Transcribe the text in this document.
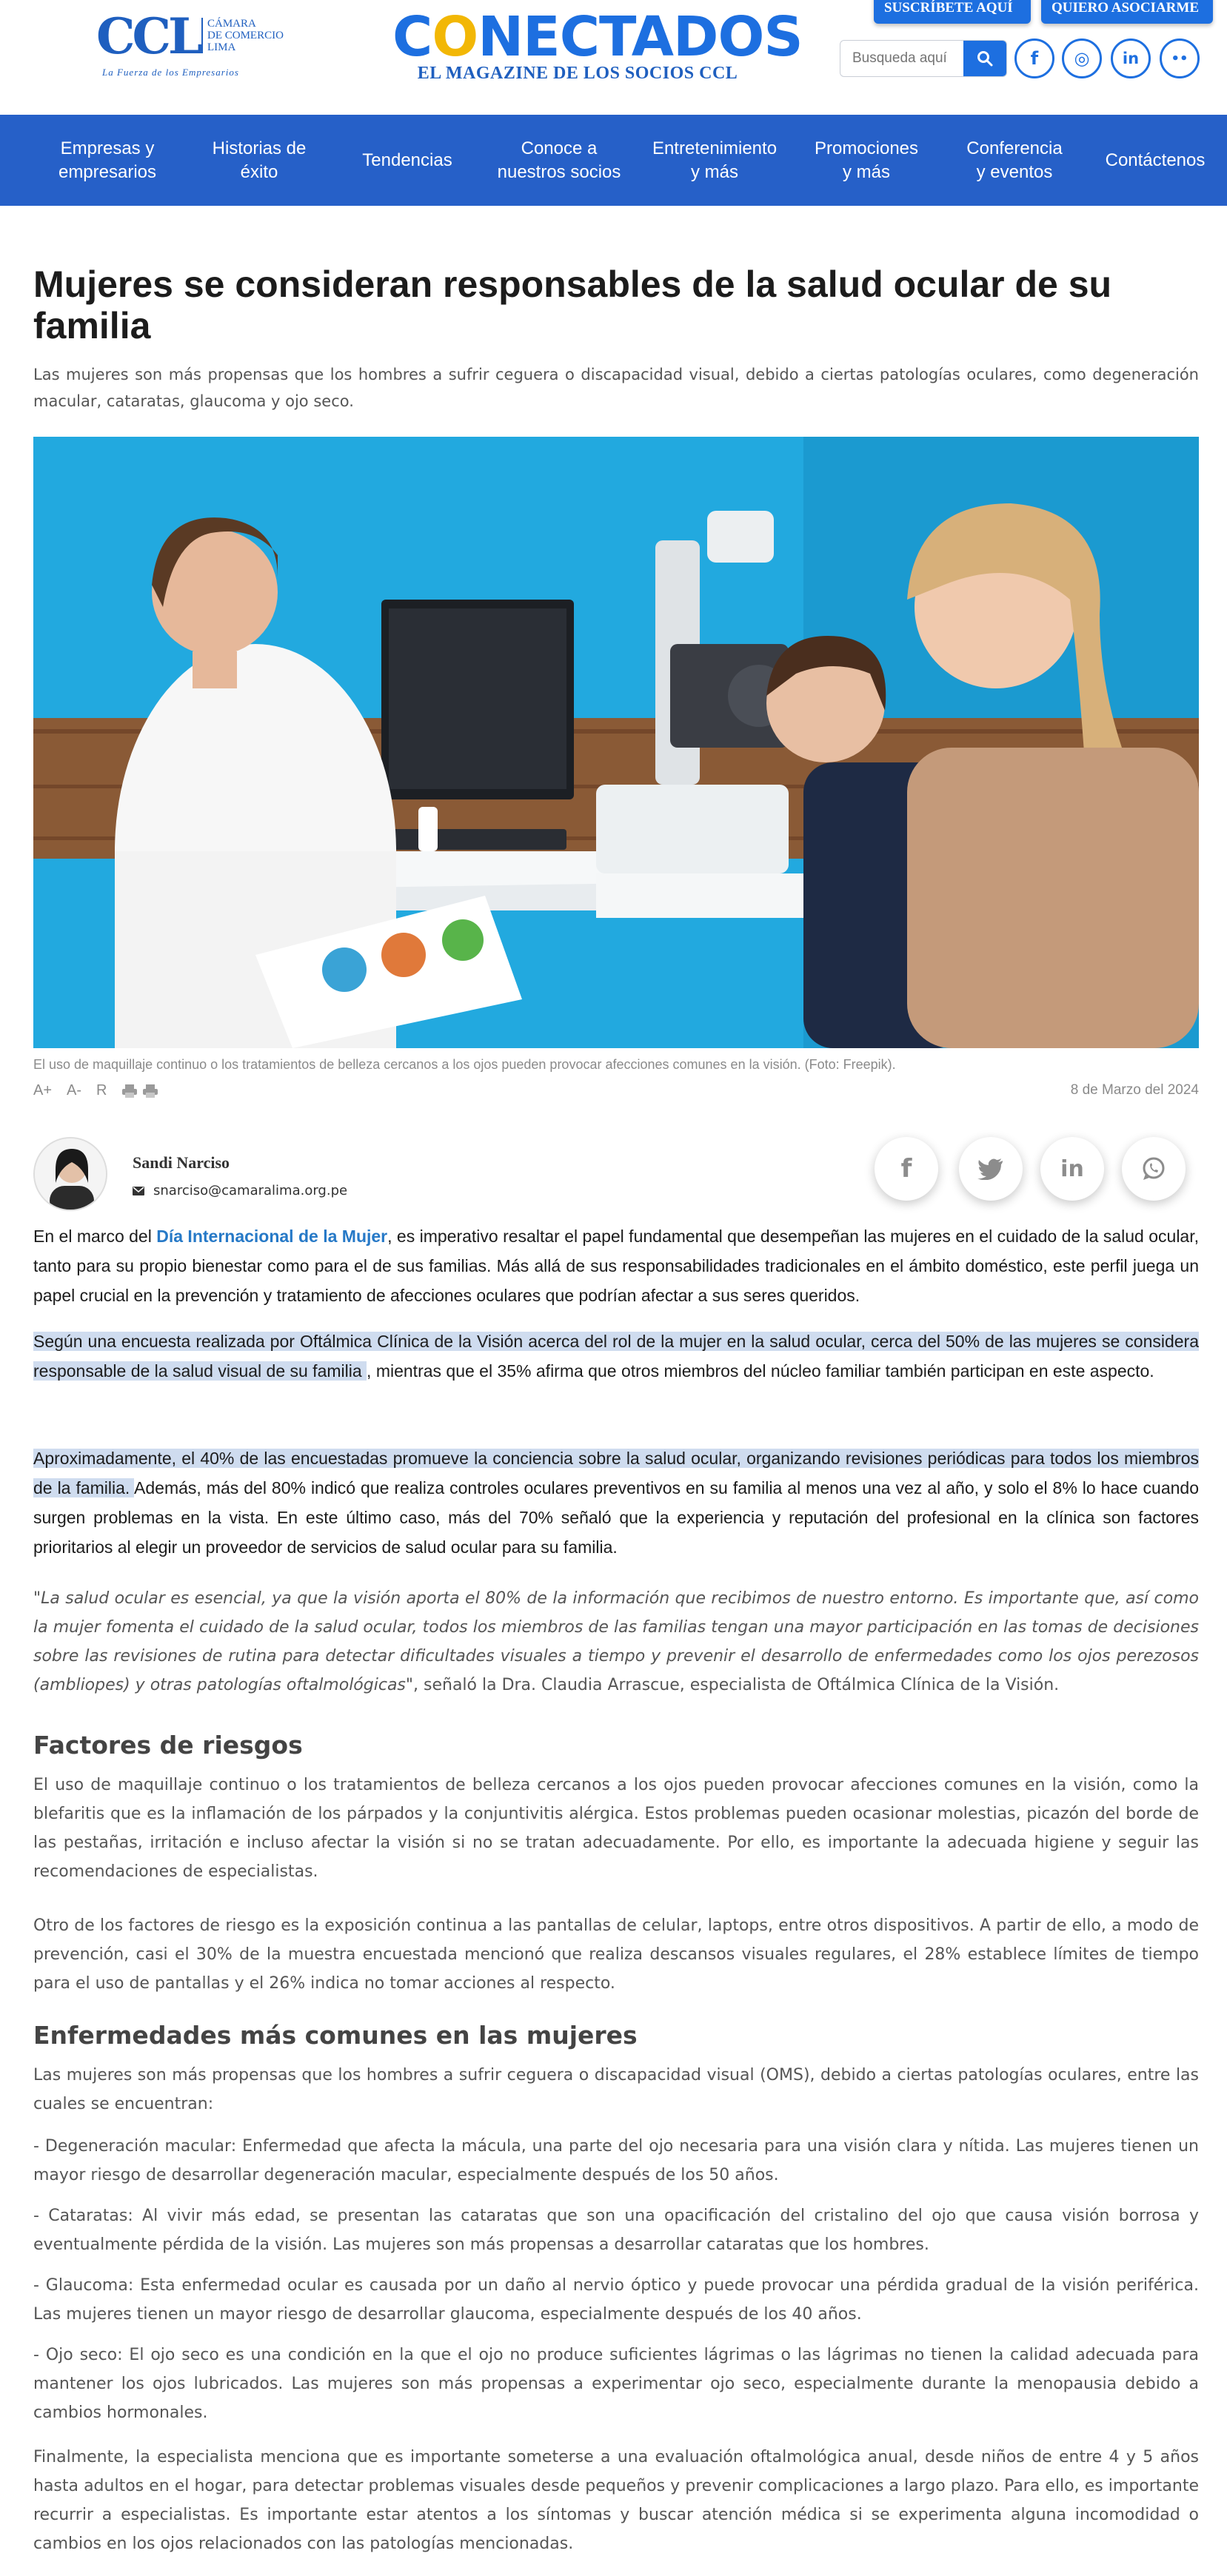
CCL CÁMARA
DE COMERCIO
LIMA
La Fuerza de los Empresarios
CONECTADOS
EL MAGAZINE DE LOS SOCIOS CCL
SUSCRÍBETE AQUÍ	QUIERO ASOCIARME
Busqueda aquí
f ◎ in ••
Empresas y
empresarios
Historias de
éxito
Tendencias
Conoce a
nuestros socios
Entretenimiento
y más
Promociones
y más
Conferencia
y eventos
Contáctenos
Mujeres se consideran responsables de la salud ocular de su familia

Las mujeres son más propensas que los hombres a sufrir ceguera o discapacidad visual, debido a ciertas patologías oculares, como degeneración macular, cataratas, glaucoma y ojo seco.

El uso de maquillaje continuo o los tratamientos de belleza cercanos a los ojos pueden provocar afecciones comunes en la visión. (Foto: Freepik).
A+ A- R	8 de Marzo del 2024
Sandi Narciso
snarciso@camaralima.org.pe
f	in

En el marco del Día Internacional de la Mujer, es imperativo resaltar el papel fundamental que desempeñan las mujeres en el cuidado de la salud ocular, tanto para su propio bienestar como para el de sus familias. Más allá de sus responsabilidades tradicionales en el ámbito doméstico, este perfil juega un papel crucial en la prevención y tratamiento de afecciones oculares que podrían afectar a sus seres queridos.

Según una encuesta realizada por Oftálmica Clínica de la Visión acerca del rol de la mujer en la salud ocular, cerca del 50% de las mujeres se considera responsable de la salud visual de su familia , mientras que el 35% afirma que otros miembros del núcleo familiar también participan en este aspecto.

Aproximadamente, el 40% de las encuestadas promueve la conciencia sobre la salud ocular, organizando revisiones periódicas para todos los miembros de la familia. Además, más del 80% indicó que realiza controles oculares preventivos en su familia al menos una vez al año, y solo el 8% lo hace cuando surgen problemas en la vista. En este último caso, más del 70% señaló que la experiencia y reputación del profesional en la clínica son factores prioritarios al elegir un proveedor de servicios de salud ocular para su familia.

"La salud ocular es esencial, ya que la visión aporta el 80% de la información que recibimos de nuestro entorno. Es importante que, así como la mujer fomenta el cuidado de la salud ocular, todos los miembros de las familias tengan una mayor participación en las tomas de decisiones sobre las revisiones de rutina para detectar dificultades visuales a tiempo y prevenir el desarrollo de enfermedades como los ojos perezosos (ambliopes) y otras patologías oftalmológicas", señaló la Dra. Claudia Arrascue, especialista de Oftálmica Clínica de la Visión.

Factores de riesgos

El uso de maquillaje continuo o los tratamientos de belleza cercanos a los ojos pueden provocar afecciones comunes en la visión, como la blefaritis que es la inflamación de los párpados y la conjuntivitis alérgica. Estos problemas pueden ocasionar molestias, picazón del borde de las pestañas, irritación e incluso afectar la visión si no se tratan adecuadamente. Por ello, es importante la adecuada higiene y seguir las recomendaciones de especialistas.

Otro de los factores de riesgo es la exposición continua a las pantallas de celular, laptops, entre otros dispositivos. A partir de ello, a modo de prevención, casi el 30% de la muestra encuestada mencionó que realiza descansos visuales regulares, el 28% establece límites de tiempo para el uso de pantallas y el 26% indica no tomar acciones al respecto.

Enfermedades más comunes en las mujeres

Las mujeres son más propensas que los hombres a sufrir ceguera o discapacidad visual (OMS), debido a ciertas patologías oculares, entre las cuales se encuentran:

- Degeneración macular: Enfermedad que afecta la mácula, una parte del ojo necesaria para una visión clara y nítida. Las mujeres tienen un mayor riesgo de desarrollar degeneración macular, especialmente después de los 50 años.

- Cataratas: Al vivir más edad, se presentan las cataratas que son una opacificación del cristalino del ojo que causa visión borrosa y eventualmente pérdida de la visión. Las mujeres son más propensas a desarrollar cataratas que los hombres.

- Glaucoma: Esta enfermedad ocular es causada por un daño al nervio óptico y puede provocar una pérdida gradual de la visión periférica. Las mujeres tienen un mayor riesgo de desarrollar glaucoma, especialmente después de los 40 años.

- Ojo seco: El ojo seco es una condición en la que el ojo no produce suficientes lágrimas o las lágrimas no tienen la calidad adecuada para mantener los ojos lubricados. Las mujeres son más propensas a experimentar ojo seco, especialmente durante la menopausia debido a cambios hormonales.

Finalmente, la especialista menciona que es importante someterse a una evaluación oftalmológica anual, desde niños de entre 4 y 5 años hasta adultos en el hogar, para detectar problemas visuales desde pequeños y prevenir complicaciones a largo plazo. Para ello, es importante recurrir a especialistas. Es importante estar atentos a los síntomas y buscar atención médica si se experimenta alguna incomodidad o cambios en los ojos relacionados con las patologías mencionadas.
